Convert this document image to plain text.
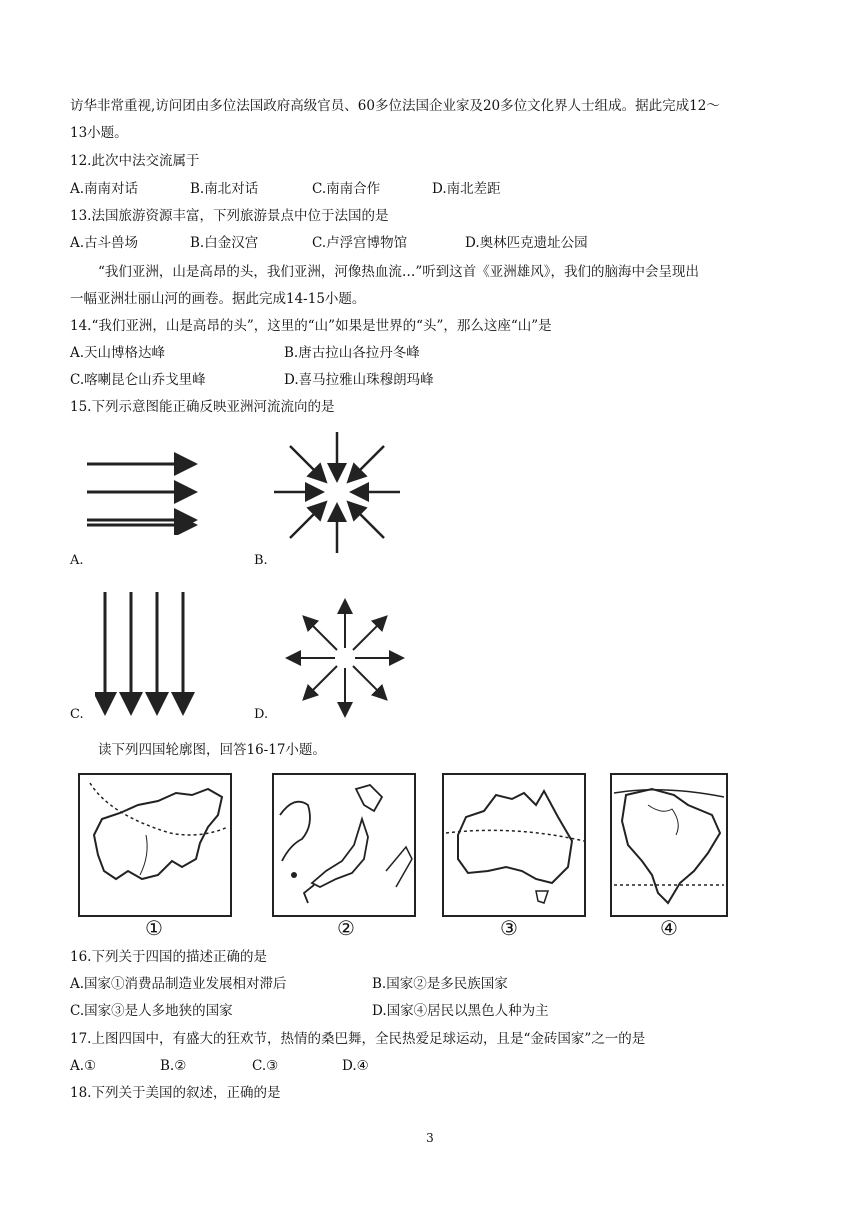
访华非常重视,访问团由多位法国政府高级官员、60多位法国企业家及20多位文化界人士组成。据此完成12～
13小题。
12.此次中法交流属于
A.南南对话	B.南北对话	C.南南合作	D.南北差距
13.法国旅游资源丰富，下列旅游景点中位于法国的是
A.古斗兽场	B.白金汉宫	C.卢浮宫博物馆	D.奥林匹克遗址公园
“我们亚洲，山是高昂的头，我们亚洲，河像热血流…”听到这首《亚洲雄风》，我们的脑海中会呈现出
一幅亚洲壮丽山河的画卷。据此完成14-15小题。
14.“我们亚洲，山是高昂的头”，这里的“山”如果是世界的“头”，那么这座“山”是
A.天山博格达峰	B.唐古拉山各拉丹冬峰
C.喀喇昆仑山乔戈里峰	D.喜马拉雅山珠穆朗玛峰
15.下列示意图能正确反映亚洲河流流向的是
A.	B.
C.	D.
读下列四国轮廓图，回答16-17小题。
①	②	③	④
16.下列关于四国的描述正确的是
A.国家①消费品制造业发展相对滞后	B.国家②是多民族国家
C.国家③是人多地狭的国家	D.国家④居民以黑色人种为主
17.上图四国中，有盛大的狂欢节，热情的桑巴舞，全民热爱足球运动，且是“金砖国家”之一的是
A.①	B.②	C.③	D.④
18.下列关于美国的叙述，正确的是
3
